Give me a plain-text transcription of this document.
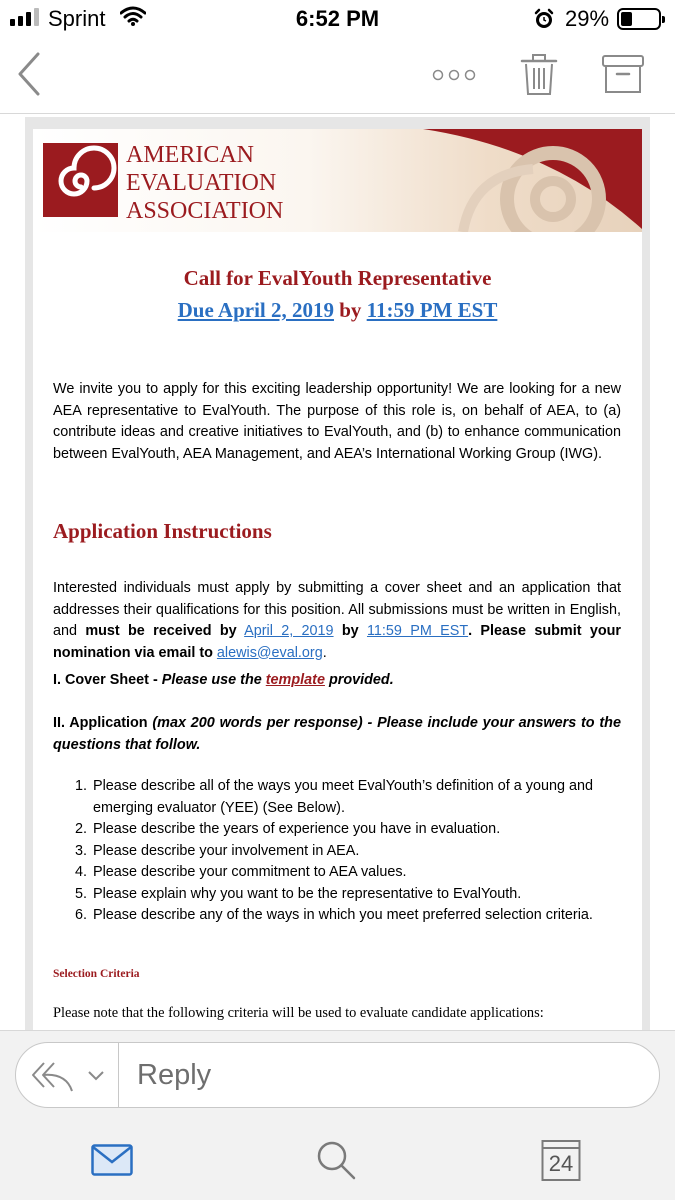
Sprint	6:52 PM	29%
AMERICAN
EVALUATION
ASSOCIATION
Call for EvalYouth Representative
Due April 2, 2019 by 11:59 PM EST
We invite you to apply for this exciting leadership opportunity! We are looking for a new AEA representative to EvalYouth. The purpose of this role is, on behalf of AEA, to (a) contribute ideas and creative initiatives to EvalYouth, and (b) to enhance communication between EvalYouth, AEA Management, and AEA’s International Working Group (IWG).
Application Instructions
Interested individuals must apply by submitting a cover sheet and an application that addresses their qualifications for this position. All submissions must be written in English, and must be received by April 2, 2019 by 11:59 PM EST. Please submit your nomination via email to alewis@eval.org.
I. Cover Sheet - Please use the template provided.
II. Application (max 200 words per response) - Please include your answers to the questions that follow.
1. Please describe all of the ways you meet EvalYouth’s definition of a young and emerging evaluator (YEE) (See Below).
2. Please describe the years of experience you have in evaluation.
3. Please describe your involvement in AEA.
4. Please describe your commitment to AEA values.
5. Please explain why you want to be the representative to EvalYouth.
6. Please describe any of the ways in which you meet preferred selection criteria.
Selection Criteria
Please note that the following criteria will be used to evaluate candidate applications:
Reply
24
